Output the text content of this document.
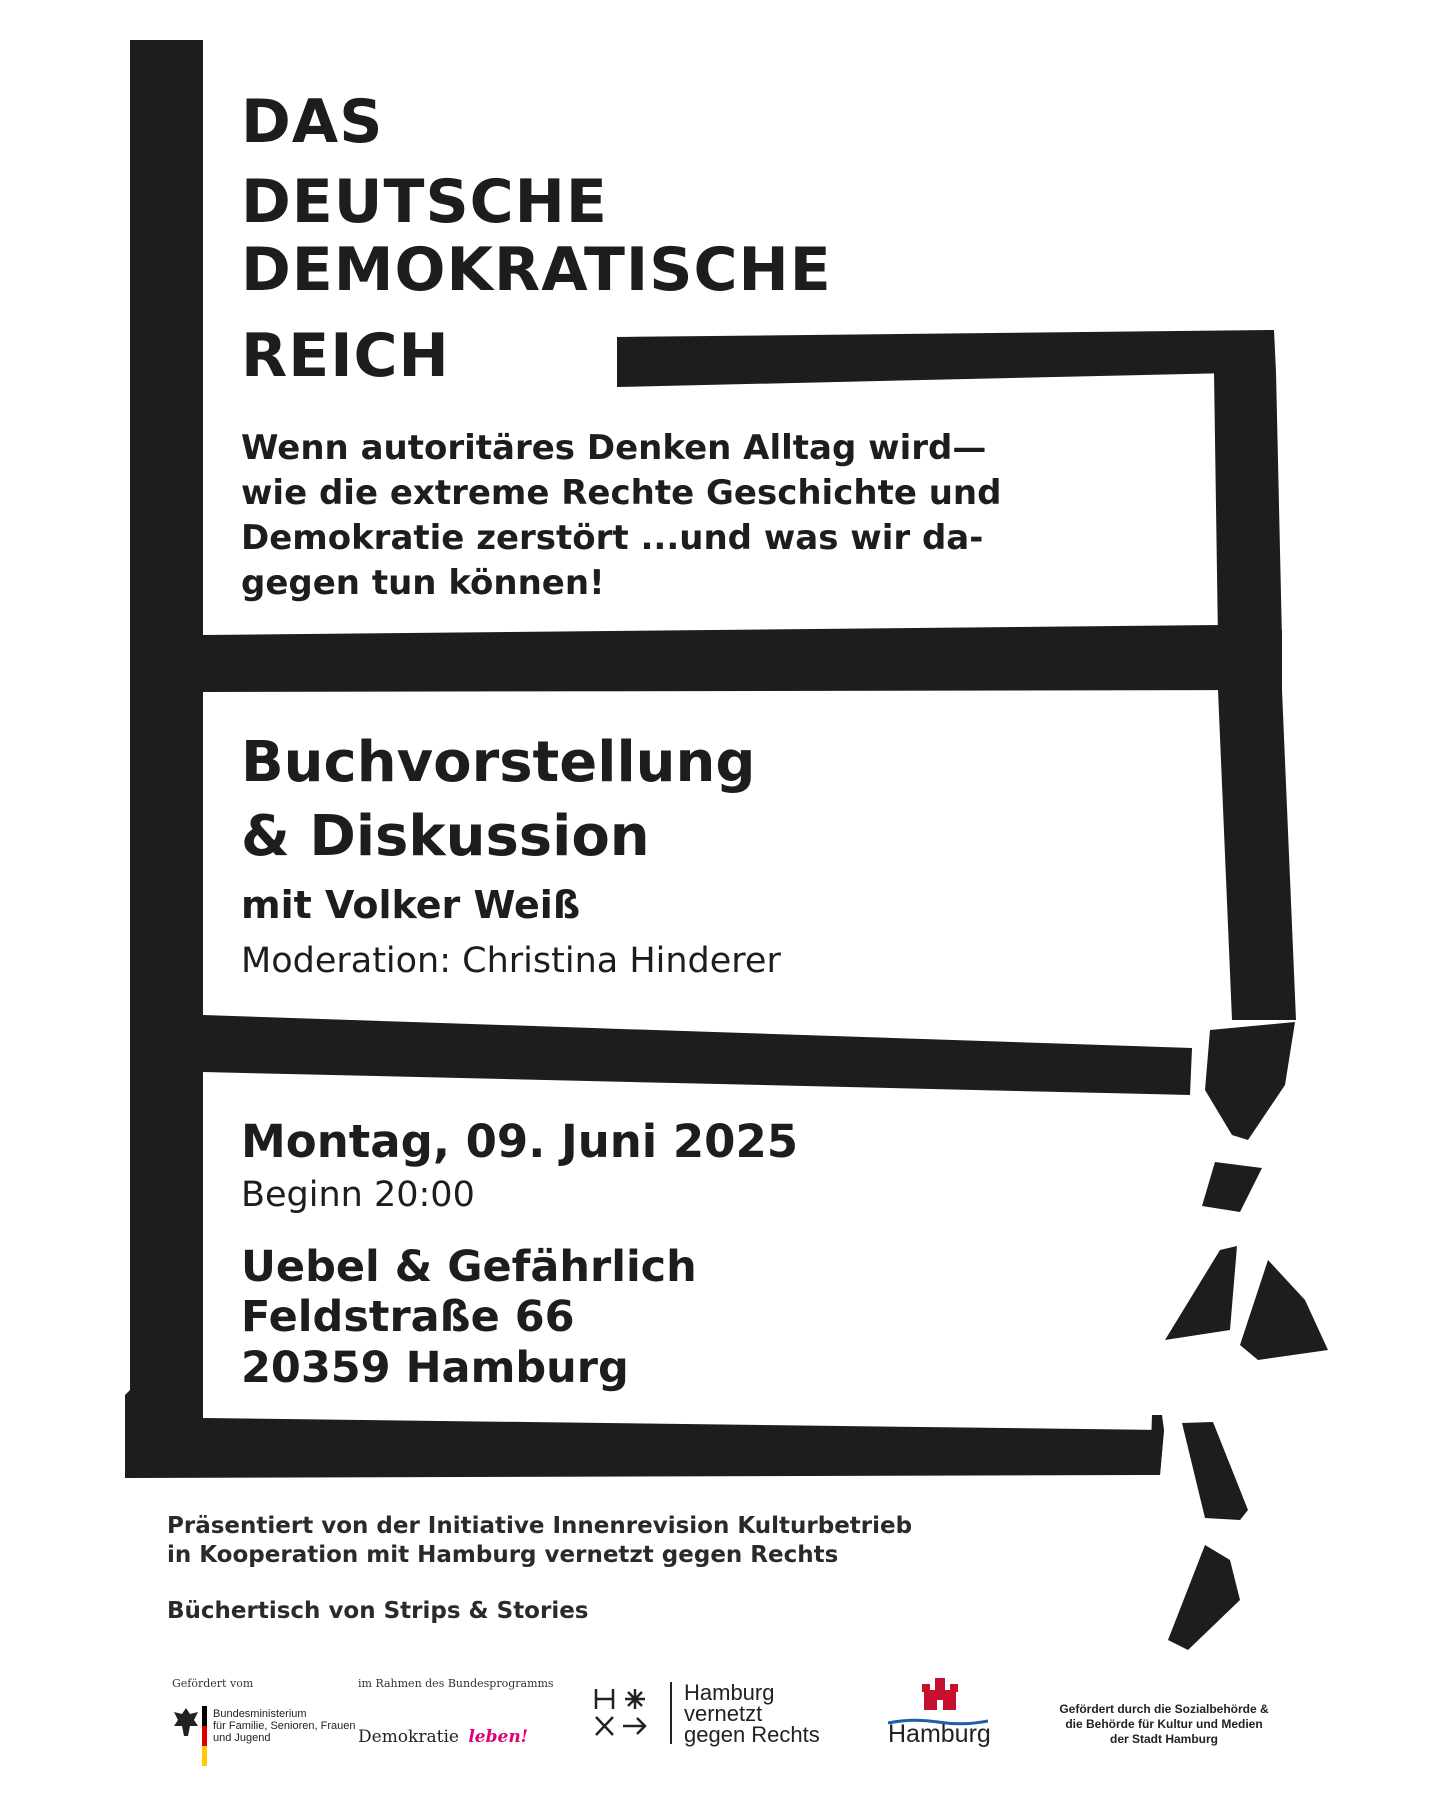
DAS
DEUTSCHE
DEMOKRATISCHE
REICH
Wenn autoritäres Denken Alltag wird—
wie die extreme Rechte Geschichte und
Demokratie zerstört ...und was wir da-
gegen tun können!
Buchvorstellung
& Diskussion
mit Volker Weiß
Moderation: Christina Hinderer
Montag, 09. Juni 2025
Beginn 20:00
Uebel & Gefährlich
Feldstraße 66
20359 Hamburg
Präsentiert von der Initiative Innenrevision Kulturbetrieb
in Kooperation mit Hamburg vernetzt gegen Rechts
Büchertisch von Strips & Stories
Gefördert vom
Bundesministerium
für Familie, Senioren, Frauen
und Jugend
im Rahmen des Bundesprogramms
Demokratie leben!
Hamburg
vernetzt
gegen Rechts	Hamburg
Gefördert durch die Sozialbehörde &
die Behörde für Kultur und Medien
der Stadt Hamburg
